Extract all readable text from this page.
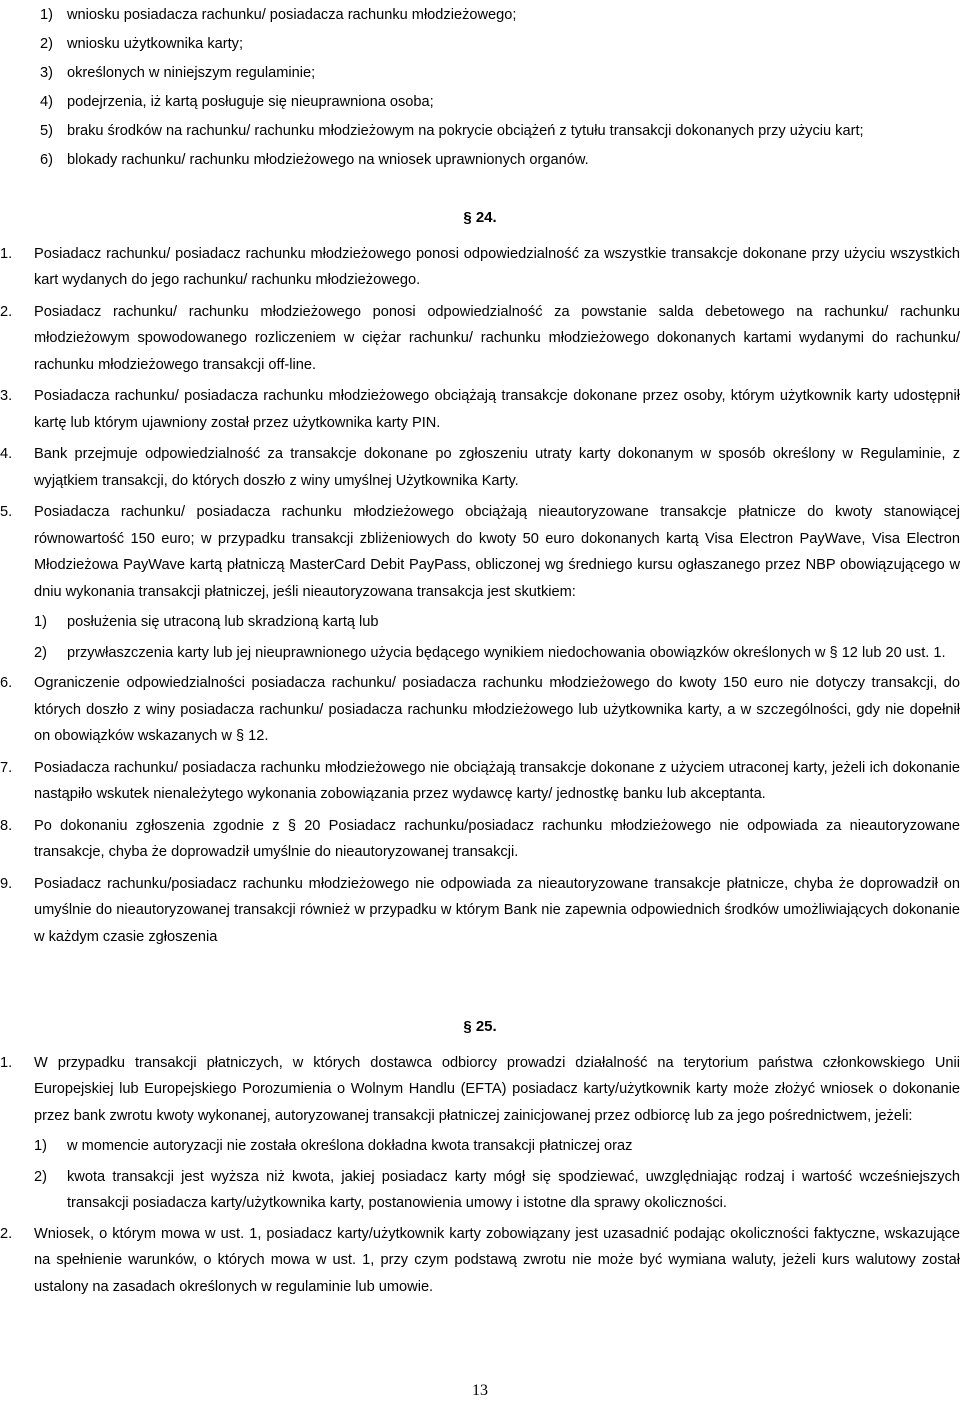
1) wniosku posiadacza rachunku/ posiadacza rachunku młodzieżowego;
2) wniosku użytkownika karty;
3) określonych w niniejszym regulaminie;
4) podejrzenia, iż kartą posługuje się nieuprawniona osoba;
5) braku środków na rachunku/ rachunku młodzieżowym na pokrycie obciążeń z tytułu transakcji dokonanych przy użyciu kart;
6) blokady rachunku/ rachunku młodzieżowego na wniosek uprawnionych organów.

§ 24.

1. Posiadacz rachunku/ posiadacz rachunku młodzieżowego ponosi odpowiedzialność za wszystkie transakcje dokonane przy użyciu wszystkich kart wydanych do jego rachunku/ rachunku młodzieżowego.
2. Posiadacz rachunku/ rachunku młodzieżowego ponosi odpowiedzialność za powstanie salda debetowego na rachunku/ rachunku młodzieżowym spowodowanego rozliczeniem w ciężar rachunku/ rachunku młodzieżowego dokonanych kartami wydanymi do rachunku/ rachunku młodzieżowego transakcji off-line.
3. Posiadacza rachunku/ posiadacza rachunku młodzieżowego obciążają transakcje dokonane przez osoby, którym użytkownik karty udostępnił kartę lub którym ujawniony został przez użytkownika karty PIN.
4. Bank przejmuje odpowiedzialność za transakcje dokonane po zgłoszeniu utraty karty dokonanym w sposób określony w Regulaminie, z wyjątkiem transakcji, do których doszło z winy umyślnej Użytkownika Karty.
5. Posiadacza rachunku/ posiadacza rachunku młodzieżowego obciążają nieautoryzowane transakcje płatnicze do kwoty stanowiącej równowartość 150 euro; w przypadku transakcji zbliżeniowych do kwoty 50 euro dokonanych kartą Visa Electron PayWave, Visa Electron Młodzieżowa PayWave kartą płatniczą MasterCard Debit PayPass, obliczonej wg średniego kursu ogłaszanego przez NBP obowiązującego w dniu wykonania transakcji płatniczej, jeśli nieautoryzowana transakcja jest skutkiem:
1) posłużenia się utraconą lub skradzioną kartą lub
2) przywłaszczenia karty lub jej nieuprawnionego użycia będącego wynikiem niedochowania obowiązków określonych w § 12 lub 20 ust. 1.
6. Ograniczenie odpowiedzialności posiadacza rachunku/ posiadacza rachunku młodzieżowego do kwoty 150 euro nie dotyczy transakcji, do których doszło z winy posiadacza rachunku/ posiadacza rachunku młodzieżowego lub użytkownika karty, a w szczególności, gdy nie dopełnił on obowiązków wskazanych w § 12.
7. Posiadacza rachunku/ posiadacza rachunku młodzieżowego nie obciążają transakcje dokonane z użyciem utraconej karty, jeżeli ich dokonanie nastąpiło wskutek nienależytego wykonania zobowiązania przez wydawcę karty/ jednostkę banku lub akceptanta.
8. Po dokonaniu zgłoszenia zgodnie z § 20 Posiadacz rachunku/posiadacz rachunku młodzieżowego nie odpowiada za nieautoryzowane transakcje, chyba że doprowadził umyślnie do nieautoryzowanej transakcji.
9. Posiadacz rachunku/posiadacz rachunku młodzieżowego nie odpowiada za nieautoryzowane transakcje płatnicze, chyba że doprowadził on umyślnie do nieautoryzowanej transakcji również w przypadku w którym Bank nie zapewnia odpowiednich środków umożliwiających dokonanie w każdym czasie zgłoszenia

§ 25.

1. W przypadku transakcji płatniczych, w których dostawca odbiorcy prowadzi działalność na terytorium państwa członkowskiego Unii Europejskiej lub Europejskiego Porozumienia o Wolnym Handlu (EFTA) posiadacz karty/użytkownik karty może złożyć wniosek o dokonanie przez bank zwrotu kwoty wykonanej, autoryzowanej transakcji płatniczej zainicjowanej przez odbiorcę lub za jego pośrednictwem, jeżeli:
1) w momencie autoryzacji nie została określona dokładna kwota transakcji płatniczej oraz
2) kwota transakcji jest wyższa niż kwota, jakiej posiadacz karty mógł się spodziewać, uwzględniając rodzaj i wartość wcześniejszych transakcji posiadacza karty/użytkownika karty, postanowienia umowy i istotne dla sprawy okoliczności.
2. Wniosek, o którym mowa w ust. 1, posiadacz karty/użytkownik karty zobowiązany jest uzasadnić podając okoliczności faktyczne, wskazujące na spełnienie warunków, o których mowa w ust. 1, przy czym podstawą zwrotu nie może być wymiana waluty, jeżeli kurs walutowy został ustalony na zasadach określonych w regulaminie lub umowie.
13
